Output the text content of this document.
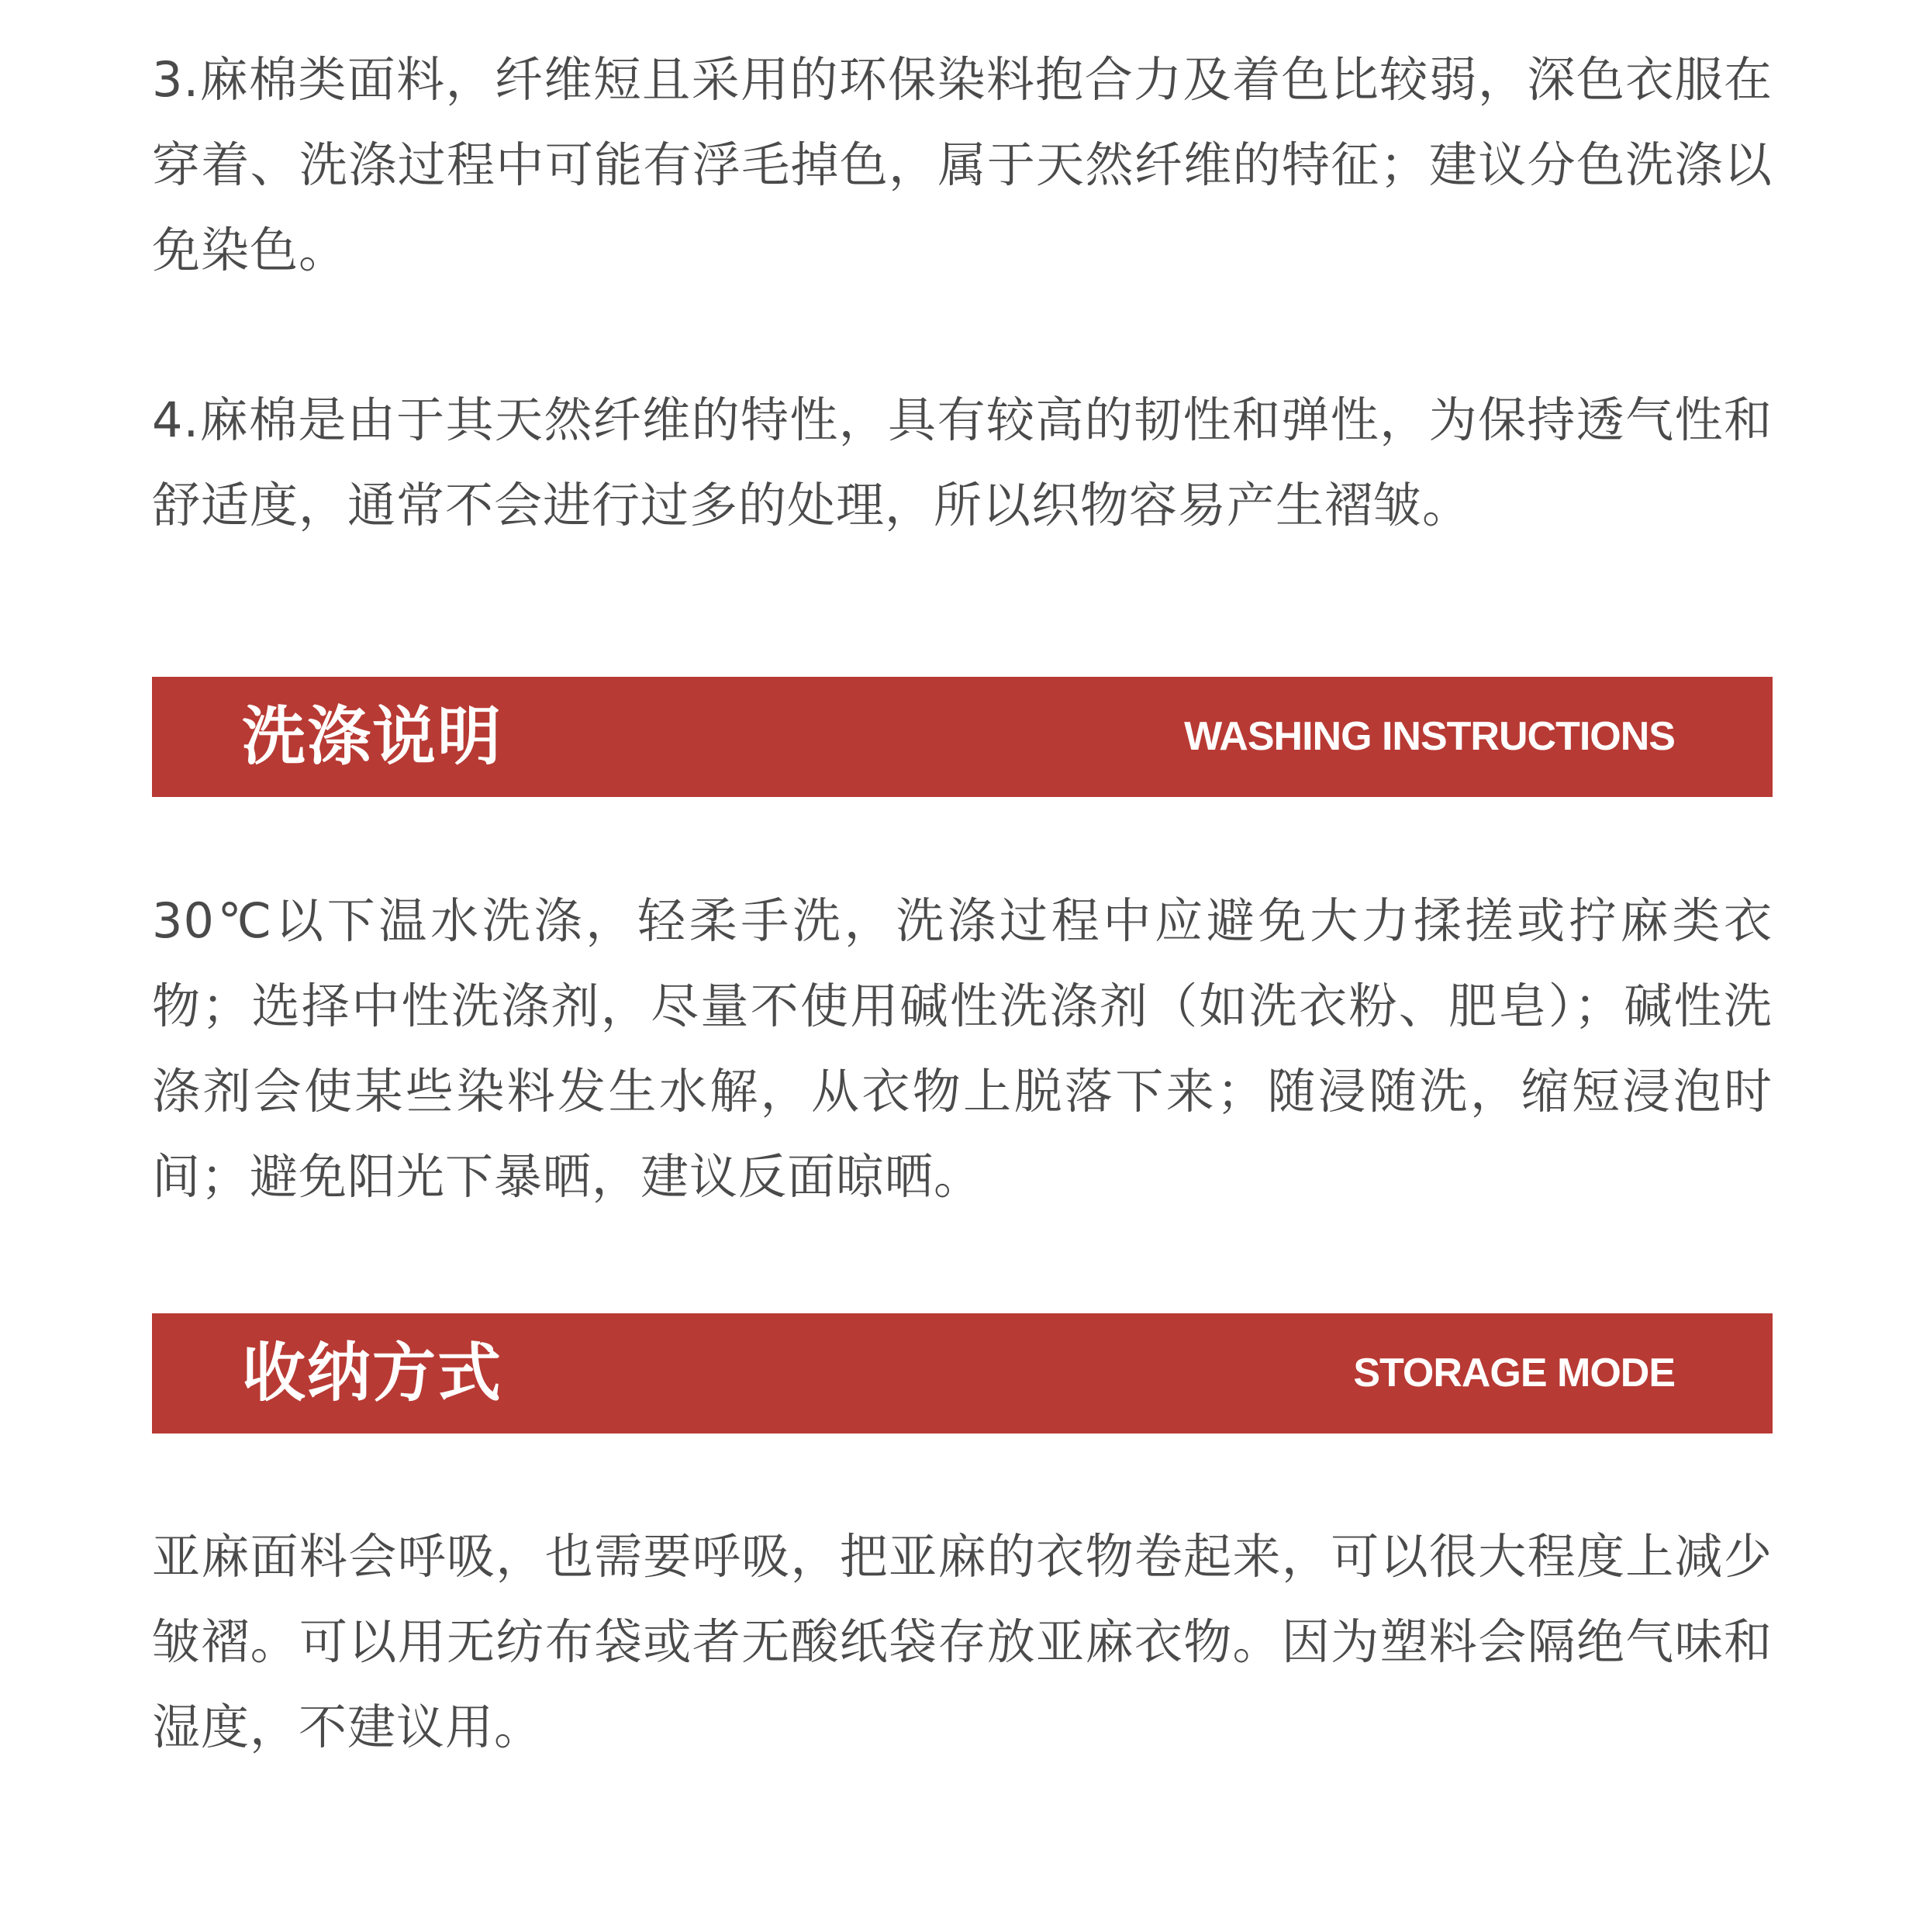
3.麻棉类面料，纤维短且采用的环保染料抱合力及着色比较弱，深色衣服在穿着、洗涤过程中可能有浮毛掉色，属于天然纤维的特征；建议分色洗涤以免染色。

4.麻棉是由于其天然纤维的特性，具有较高的韧性和弹性，为保持透气性和舒适度，通常不会进行过多的处理，所以织物容易产生褶皱。

洗涤说明	WASHING INSTRUCTIONS

30℃以下温水洗涤，轻柔手洗，洗涤过程中应避免大力揉搓或拧麻类衣物；选择中性洗涤剂，尽量不使用碱性洗涤剂（如洗衣粉、肥皂）；碱性洗涤剂会使某些染料发生水解，从衣物上脱落下来；随浸随洗，缩短浸泡时间；避免阳光下暴晒，建议反面晾晒。

收纳方式	STORAGE MODE

亚麻面料会呼吸，也需要呼吸，把亚麻的衣物卷起来，可以很大程度上减少皱褶。可以用无纺布袋或者无酸纸袋存放亚麻衣物。因为塑料会隔绝气味和湿度，不建议用。
